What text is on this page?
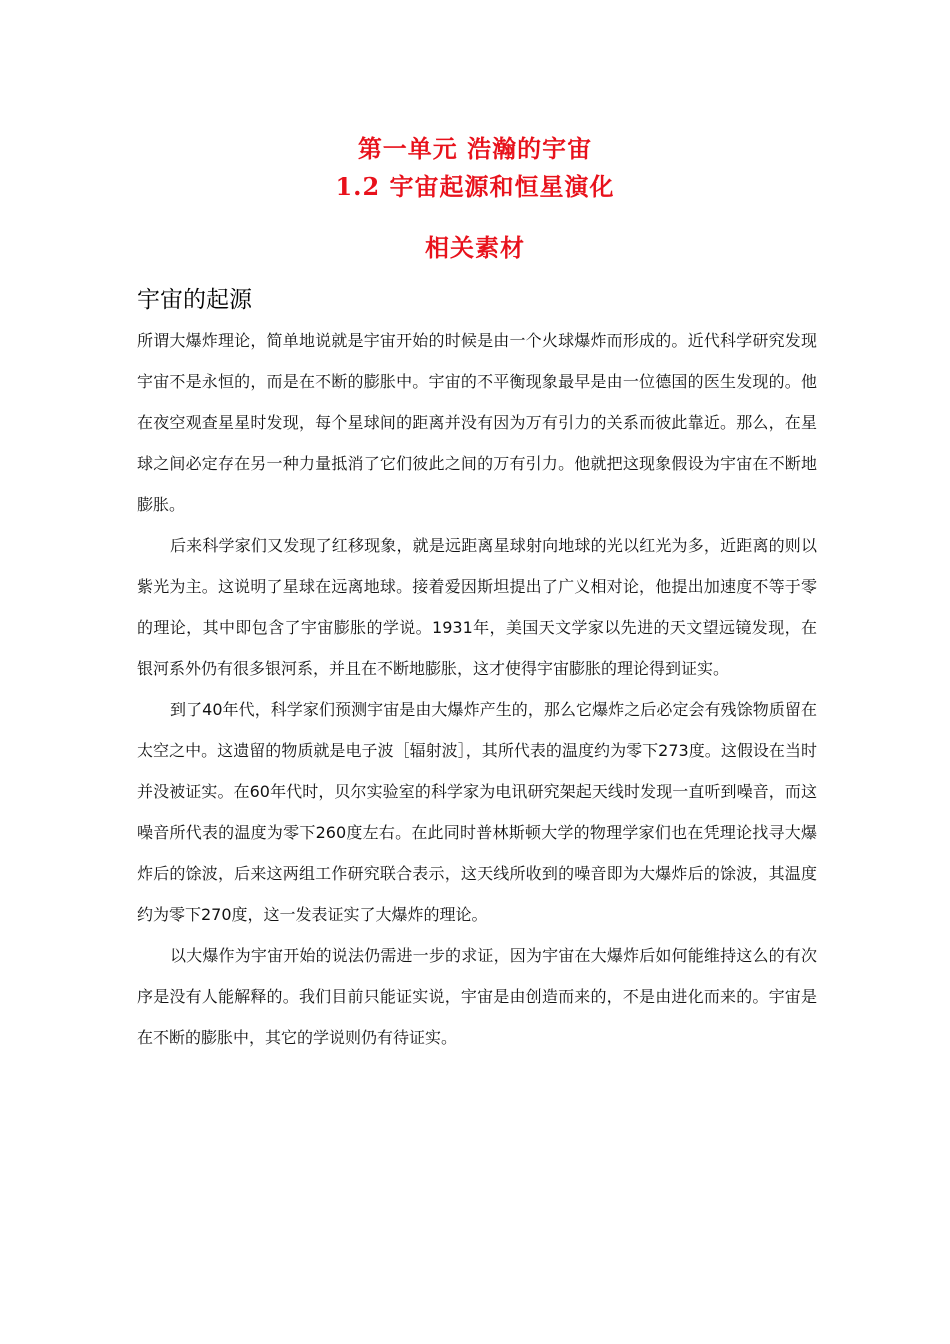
第一单元 浩瀚的宇宙
1.2 宇宙起源和恒星演化
相关素材
宇宙的起源

所谓大爆炸理论，简单地说就是宇宙开始的时候是由一个火球爆炸而形成的。近代科学研究发现宇宙不是永恒的，而是在不断的膨胀中。宇宙的不平衡现象最早是由一位德国的医生发现的。他在夜空观查星星时发现，每个星球间的距离并没有因为万有引力的关系而彼此靠近。那么，在星球之间必定存在另一种力量抵消了它们彼此之间的万有引力。他就把这现象假设为宇宙在不断地膨胀。

后来科学家们又发现了红移现象，就是远距离星球射向地球的光以红光为多，近距离的则以紫光为主。这说明了星球在远离地球。接着爱因斯坦提出了广义相对论，他提出加速度不等于零的理论，其中即包含了宇宙膨胀的学说。1931年，美国天文学家以先进的天文望远镜发现，在银河系外仍有很多银河系，并且在不断地膨胀，这才使得宇宙膨胀的理论得到证实。

到了40年代，科学家们预测宇宙是由大爆炸产生的，那么它爆炸之后必定会有残馀物质留在太空之中。这遗留的物质就是电子波［辐射波］，其所代表的温度约为零下273度。这假设在当时并没被证实。在60年代时，贝尔实验室的科学家为电讯研究架起天线时发现一直听到噪音，而这噪音所代表的温度为零下260度左右。在此同时普林斯顿大学的物理学家们也在凭理论找寻大爆炸后的馀波，后来这两组工作研究联合表示，这天线所收到的噪音即为大爆炸后的馀波，其温度约为零下270度，这一发表证实了大爆炸的理论。

以大爆作为宇宙开始的说法仍需进一步的求证，因为宇宙在大爆炸后如何能维持这么的有次序是没有人能解释的。我们目前只能证实说，宇宙是由创造而来的，不是由进化而来的。宇宙是在不断的膨胀中，其它的学说则仍有待证实。
